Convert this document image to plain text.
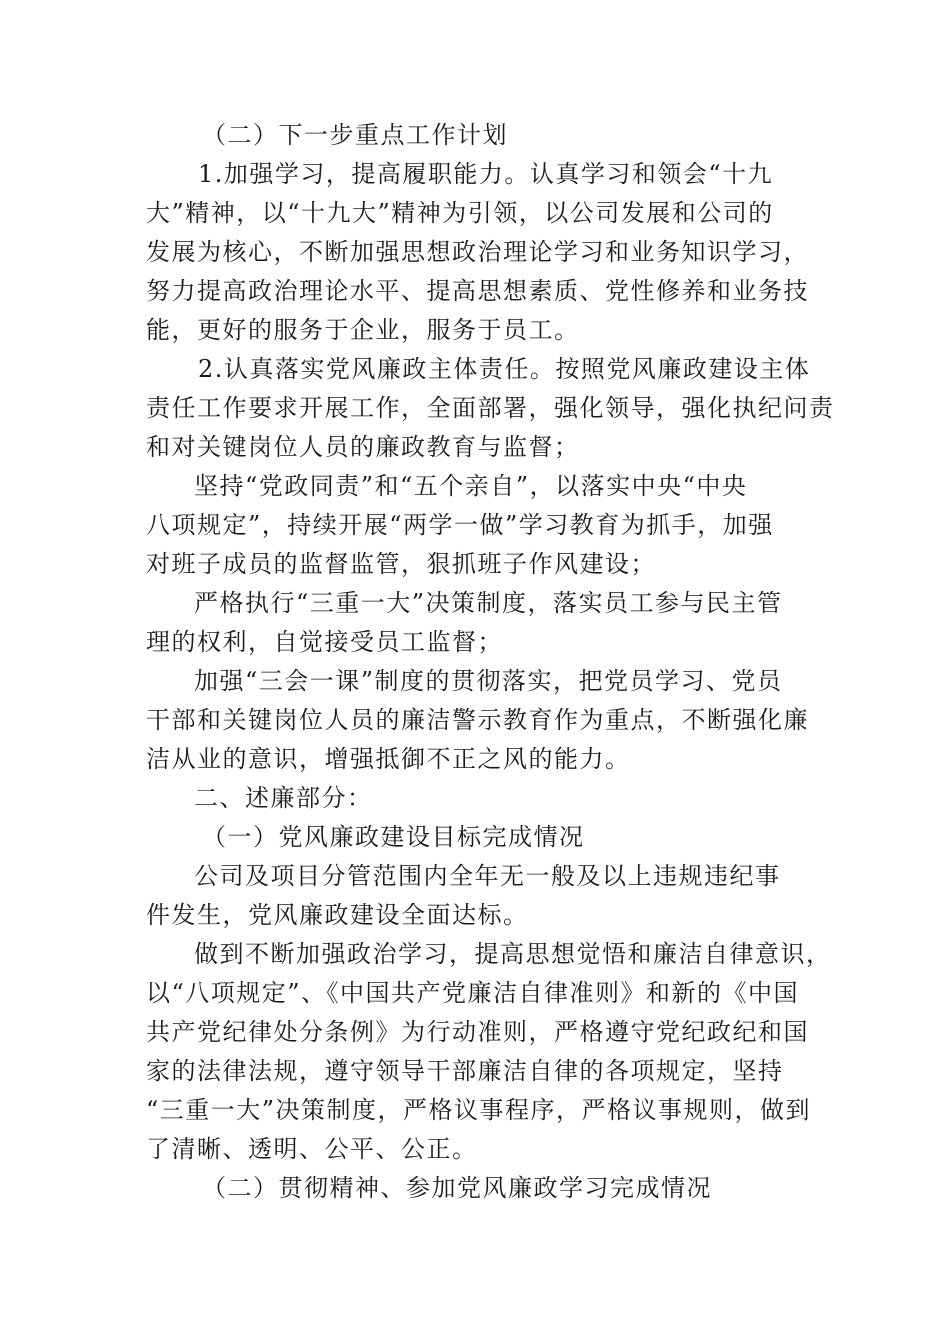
（二）下一步重点工作计划
1.加强学习，提高履职能力。认真学习和领会“十九
大”精神，以“十九大”精神为引领，以公司发展和公司的
发展为核心，不断加强思想政治理论学习和业务知识学习，
努力提高政治理论水平、提高思想素质、党性修养和业务技
能，更好的服务于企业，服务于员工。
2.认真落实党风廉政主体责任。按照党风廉政建设主体
责任工作要求开展工作，全面部署，强化领导，强化执纪问责
和对关键岗位人员的廉政教育与监督；
坚持“党政同责”和“五个亲自”，以落实中央“中央
八项规定”，持续开展“两学一做”学习教育为抓手，加强
对班子成员的监督监管，狠抓班子作风建设；
严格执行“三重一大”决策制度，落实员工参与民主管
理的权利，自觉接受员工监督；
加强“三会一课”制度的贯彻落实，把党员学习、党员
干部和关键岗位人员的廉洁警示教育作为重点，不断强化廉
洁从业的意识，增强抵御不正之风的能力。
二、述廉部分：
（一）党风廉政建设目标完成情况
公司及项目分管范围内全年无一般及以上违规违纪事
件发生，党风廉政建设全面达标。
做到不断加强政治学习，提高思想觉悟和廉洁自律意识，
以“八项规定”、《中国共产党廉洁自律准则》和新的《中国
共产党纪律处分条例》为行动准则，严格遵守党纪政纪和国
家的法律法规，遵守领导干部廉洁自律的各项规定，坚持
“三重一大”决策制度，严格议事程序，严格议事规则，做到
了清晰、透明、公平、公正。
（二）贯彻精神、参加党风廉政学习完成情况
